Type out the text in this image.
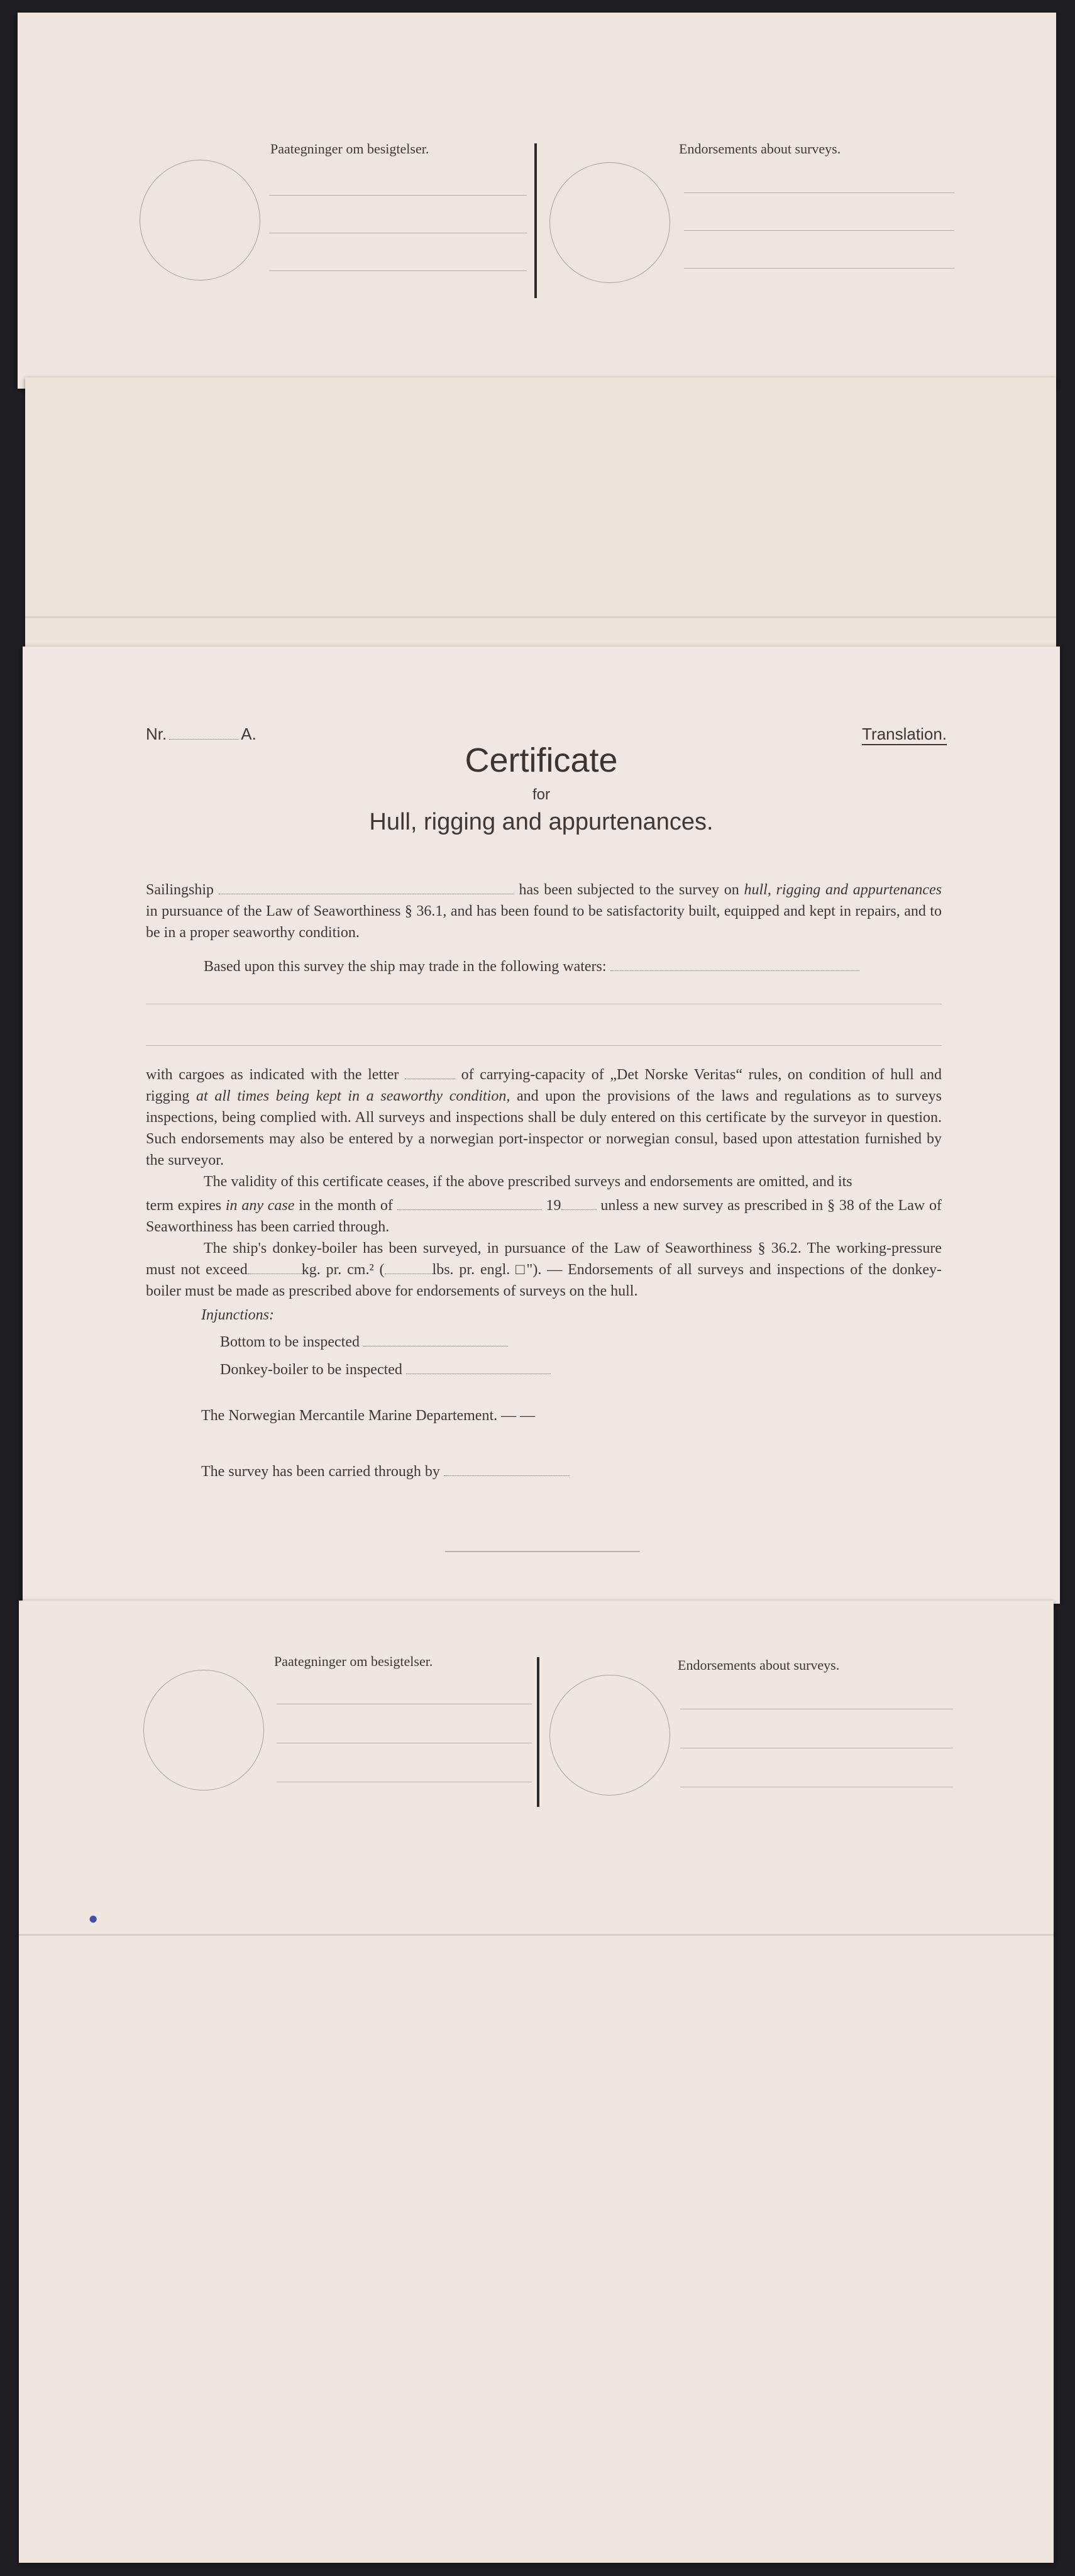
Paategninger om besigtelser.	Endorsements about surveys.
Nr.	A.	Translation.
Certificate
for
Hull, rigging and appurtenances.

Sailingship	has been subjected to the survey on hull, rigging and appurtenances in pursuance of the Law of Seaworthiness § 36.1, and has been found to be satisfactority built, equipped and kept in repairs, and to be in a proper seaworthy condition.

Based upon this survey the ship may trade in the following waters:

with cargoes as indicated with the letter	of carrying-capacity of „Det Norske Veritas“ rules, on condition of hull and rigging at all times being kept in a seaworthy condition, and upon the provisions of the laws and regulations as to surveys inspections, being complied with. All surveys and inspections shall be duly entered on this certificate by the surveyor in question. Such endorsements may also be entered by a norwegian port-inspector or norwegian consul, based upon attestation furnished by the surveyor.

The validity of this certificate ceases, if the above prescribed surveys and endorsements are omitted, and its

term expires in any case in the month of	19	unless a new survey as prescribed in § 38 of the Law of Seaworthiness has been carried through.

The ship's donkey-boiler has been surveyed, in pursuance of the Law of Seaworthiness § 36.2. The working-pressure must not exceed	kg. pr. cm.² (	lbs. pr. engl. □"). — Endorsements of all surveys and inspections of the donkey-boiler must be made as prescribed above for endorsements of surveys on the hull.

Injunctions:
Bottom to be inspected
Donkey-boiler to be inspected
The Norwegian Mercantile Marine Departement. — —
The survey has been carried through by
Paategninger om besigtelser.	Endorsements about surveys.
●
